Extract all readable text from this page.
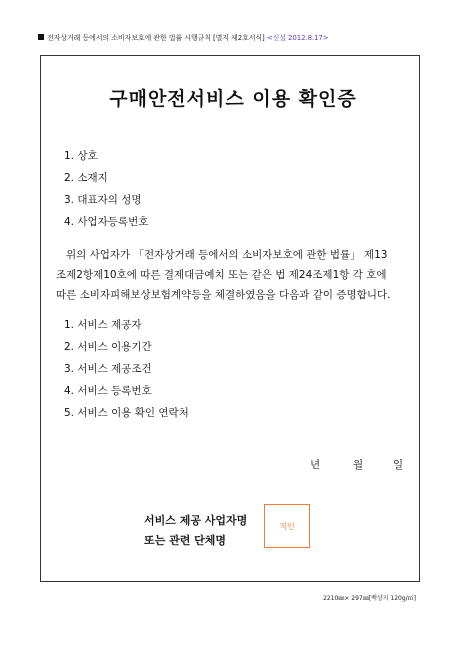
전자상거래 등에서의 소비자보호에 관한 법률 시행규칙 [별지 제2호서식] <신설 2012.8.17>
구매안전서비스 이용 확인증
1. 상호
2. 소재지
3. 대표자의 성명
4. 사업자등록번호

위의 사업자가 「전자상거래 등에서의 소비자보호에 관한 법률」 제13

조제2항제10호에 따른 결제대금예치 또는 같은 법 제24조제1항 각 호에

따른 소비자피해보상보험계약등을 체결하였음을 다음과 같이 증명합니다.

1. 서비스 제공자
2. 서비스 이용기간
3. 서비스 제공조건
4. 서비스 등록번호
5. 서비스 이용 확인 연락처
년	월	일
서비스 제공 사업자명
또는 관련 단체명
직인
2210㎜× 297㎜[백상지 120g/㎡]
